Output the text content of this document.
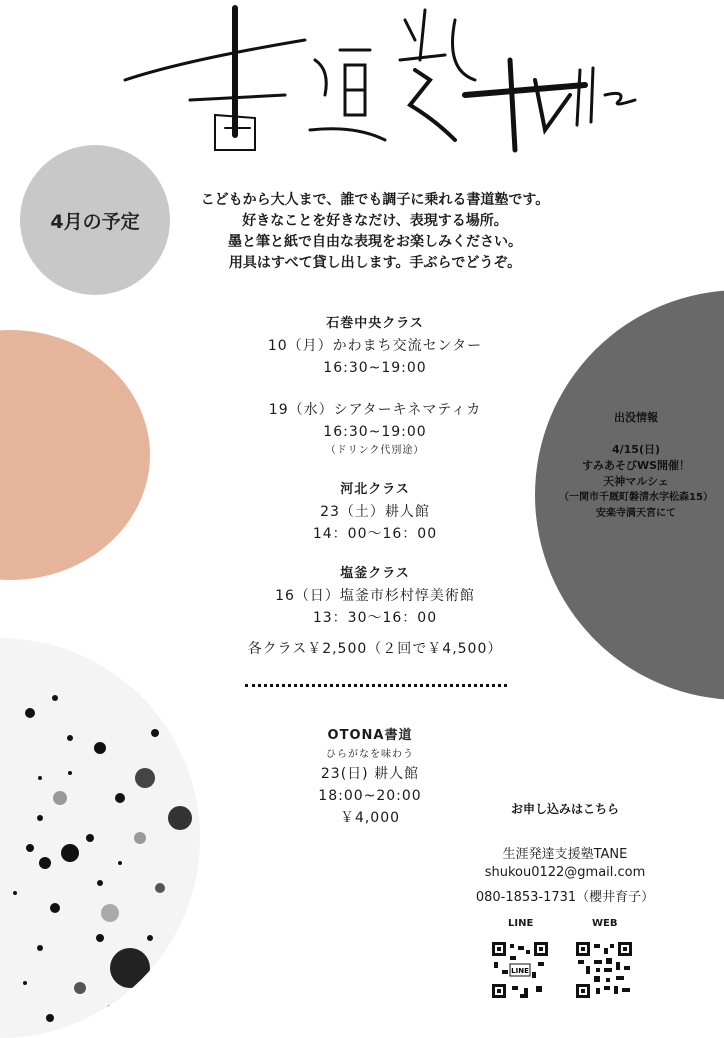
4月の予定
こどもから大人まで、誰でも調子に乗れる書道塾です。
好きなことを好きなだけ、表現する場所。
墨と筆と紙で自由な表現をお楽しみください。
用具はすべて貸し出します。手ぶらでどうぞ。
石巻中央クラス
10（月）かわまち交流センター
16:30~19:00
19（水）シアターキネマティカ
16:30~19:00
（ドリンク代別途）
河北クラス
23（土）耕人館
14：00〜16：00
塩釜クラス
16（日）塩釜市杉村惇美術館
13：30〜16：00
各クラス￥2,500（２回で￥4,500）
OTONA書道
ひらがなを味わう
23(日) 耕人館
18:00~20:00
￥4,000
出没情報
4/15(日)
すみあそびWS開催！
天神マルシェ
（一関市千厩町磐清水字松森15）
安楽寺満天宮にて
お申し込みはこちら
生涯発達支援塾TANE
shukou0122@gmail.com
080-1853-1731（櫻井育子）
LINE	WEB
LINE
